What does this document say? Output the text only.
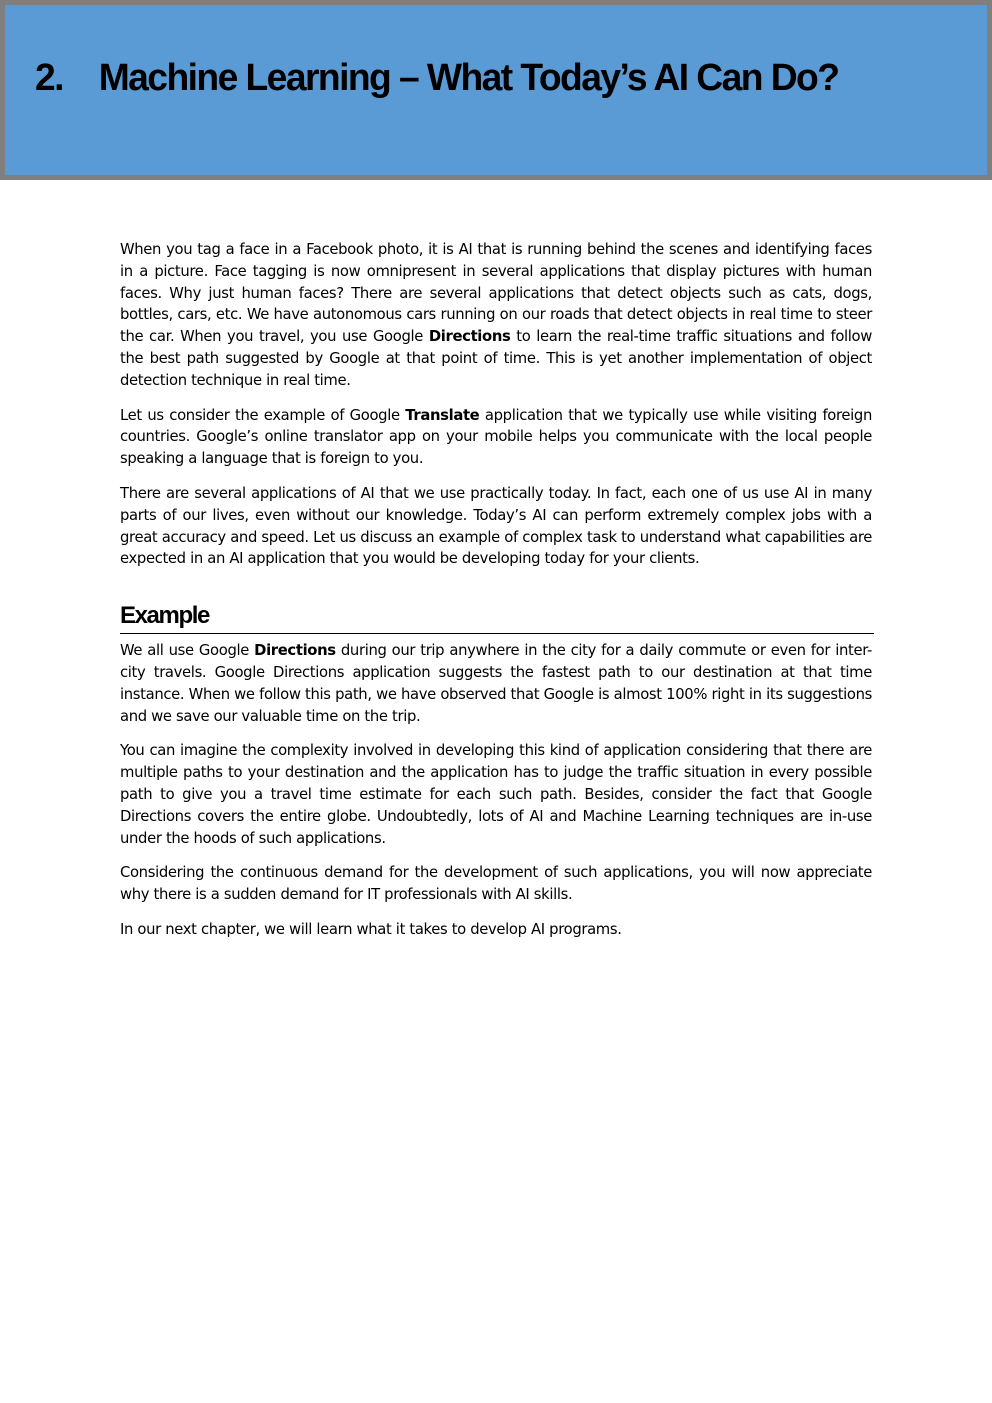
2. Machine Learning – What Today’s AI Can Do?

When you tag a face in a Facebook photo, it is AI that is running behind the scenes and identifying faces in a picture. Face tagging is now omnipresent in several applications that display pictures with human faces. Why just human faces? There are several applications that detect objects such as cats, dogs, bottles, cars, etc. We have autonomous cars running on our roads that detect objects in real time to steer the car. When you travel, you use Google Directions to learn the real-time traffic situations and follow the best path suggested by Google at that point of time. This is yet another implementation of object detection technique in real time.

Let us consider the example of Google Translate application that we typically use while visiting foreign countries. Google’s online translator app on your mobile helps you communicate with the local people speaking a language that is foreign to you.

There are several applications of AI that we use practically today. In fact, each one of us use AI in many parts of our lives, even without our knowledge. Today’s AI can perform extremely complex jobs with a great accuracy and speed. Let us discuss an example of complex task to understand what capabilities are expected in an AI application that you would be developing today for your clients.

Example

We all use Google Directions during our trip anywhere in the city for a daily commute or even for inter-city travels. Google Directions application suggests the fastest path to our destination at that time instance. When we follow this path, we have observed that Google is almost 100% right in its suggestions and we save our valuable time on the trip.

You can imagine the complexity involved in developing this kind of application considering that there are multiple paths to your destination and the application has to judge the traffic situation in every possible path to give you a travel time estimate for each such path. Besides, consider the fact that Google Directions covers the entire globe. Undoubtedly, lots of AI and Machine Learning techniques are in-use under the hoods of such applications.

Considering the continuous demand for the development of such applications, you will now appreciate why there is a sudden demand for IT professionals with AI skills.

In our next chapter, we will learn what it takes to develop AI programs.
